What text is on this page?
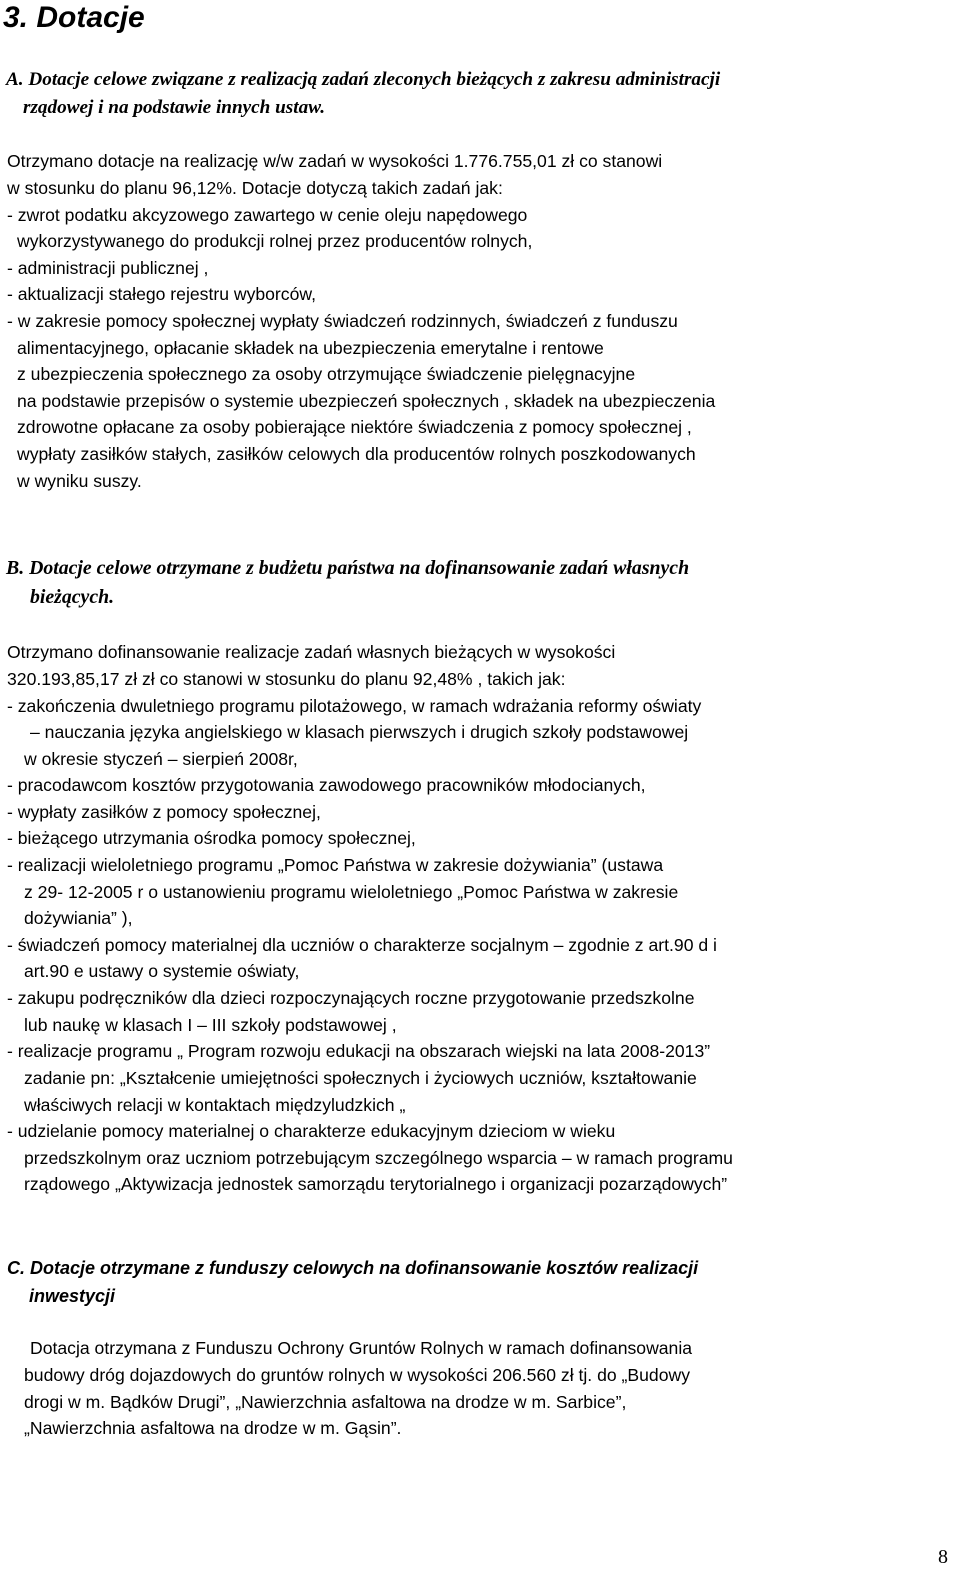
3. Dotacje
A. Dotacje celowe związane z realizacją zadań zleconych bieżących z zakresu administracji
rządowej i na podstawie innych ustaw.
Otrzymano dotacje na realizację w/w zadań w wysokości 1.776.755,01 zł co stanowi
w stosunku do planu 96,12%. Dotacje dotyczą takich zadań jak:
- zwrot podatku akcyzowego zawartego w cenie oleju napędowego
wykorzystywanego do produkcji rolnej przez producentów rolnych,
- administracji publicznej ,
- aktualizacji stałego rejestru wyborców,
- w zakresie pomocy społecznej wypłaty świadczeń rodzinnych, świadczeń z funduszu
alimentacyjnego, opłacanie składek na ubezpieczenia emerytalne i rentowe
z ubezpieczenia społecznego za osoby otrzymujące świadczenie pielęgnacyjne
na podstawie przepisów o systemie ubezpieczeń społecznych , składek na ubezpieczenia
zdrowotne opłacane za osoby pobierające niektóre świadczenia z pomocy społecznej ,
wypłaty zasiłków stałych, zasiłków celowych dla producentów rolnych poszkodowanych
w wyniku suszy.
B. Dotacje celowe otrzymane z budżetu państwa na dofinansowanie zadań własnych
bieżących.
Otrzymano dofinansowanie realizacje zadań własnych bieżących w wysokości
320.193,85,17 zł zł co stanowi w stosunku do planu 92,48% , takich jak:
- zakończenia dwuletniego programu pilotażowego, w ramach wdrażania reformy oświaty
– nauczania języka angielskiego w klasach pierwszych i drugich szkoły podstawowej
w okresie styczeń – sierpień 2008r,
- pracodawcom kosztów przygotowania zawodowego pracowników młodocianych,
- wypłaty zasiłków z pomocy społecznej,
- bieżącego utrzymania ośrodka pomocy społecznej,
- realizacji wieloletniego programu „Pomoc Państwa w zakresie dożywiania” (ustawa
z 29- 12-2005 r o ustanowieniu programu wieloletniego „Pomoc Państwa w zakresie
dożywiania” ),
- świadczeń pomocy materialnej dla uczniów o charakterze socjalnym – zgodnie z art.90 d i
art.90 e ustawy o systemie oświaty,
- zakupu podręczników dla dzieci rozpoczynających roczne przygotowanie przedszkolne
lub naukę w klasach I – III szkoły podstawowej ,
- realizacje programu „ Program rozwoju edukacji na obszarach wiejski na lata 2008-2013”
zadanie pn: „Kształcenie umiejętności społecznych i życiowych uczniów, kształtowanie
właściwych relacji w kontaktach międzyludzkich „
- udzielanie pomocy materialnej o charakterze edukacyjnym dzieciom w wieku
przedszkolnym oraz uczniom potrzebującym szczególnego wsparcia – w ramach programu
rządowego „Aktywizacja jednostek samorządu terytorialnego i organizacji pozarządowych”
C. Dotacje otrzymane z funduszy celowych na dofinansowanie kosztów realizacji
inwestycji
Dotacja otrzymana z Funduszu Ochrony Gruntów Rolnych w ramach dofinansowania
budowy dróg dojazdowych do gruntów rolnych w wysokości 206.560 zł tj. do „Budowy
drogi w m. Bądków Drugi”, „Nawierzchnia asfaltowa na drodze w m. Sarbice”,
„Nawierzchnia asfaltowa na drodze w m. Gąsin”.
8
